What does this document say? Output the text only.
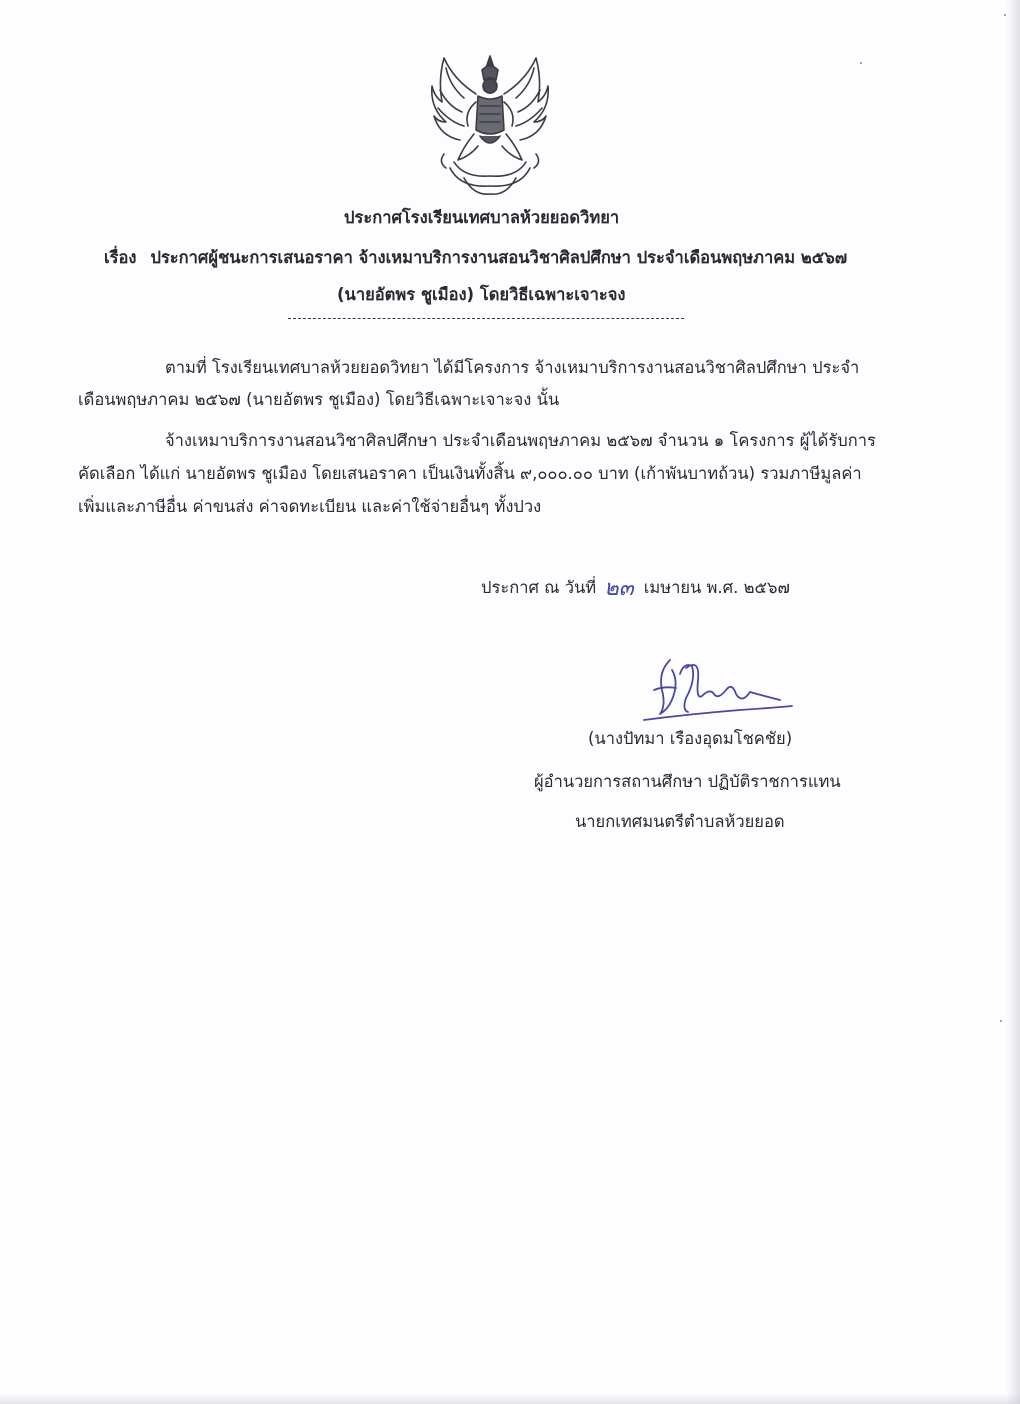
ประกาศโรงเรียนเทศบาลห้วยยอดวิทยา
เรื่อง ประกาศผู้ชนะการเสนอราคา จ้างเหมาบริการงานสอนวิชาศิลปศึกษา ประจำเดือนพฤษภาคม ๒๕๖๗
(นายอัตพร ชูเมือง) โดยวิธีเฉพาะเจาะจง
ตามที่ โรงเรียนเทศบาลห้วยยอดวิทยา ได้มีโครงการ จ้างเหมาบริการงานสอนวิชาศิลปศึกษา ประจำ
เดือนพฤษภาคม ๒๕๖๗ (นายอัตพร ชูเมือง) โดยวิธีเฉพาะเจาะจง นั้น
จ้างเหมาบริการงานสอนวิชาศิลปศึกษา ประจำเดือนพฤษภาคม ๒๕๖๗ จำนวน ๑ โครงการ ผู้ได้รับการ
คัดเลือก ได้แก่ นายอัตพร ชูเมือง โดยเสนอราคา เป็นเงินทั้งสิ้น ๙,๐๐๐.๐๐ บาท (เก้าพันบาทถ้วน) รวมภาษีมูลค่า
เพิ่มและภาษีอื่น ค่าขนส่ง ค่าจดทะเบียน และค่าใช้จ่ายอื่นๆ ทั้งปวง
ประกาศ ณ วันที่ ๒๓ เมษายน พ.ศ. ๒๕๖๗
(นางปัทมา เรืองอุดมโชคชัย)
ผู้อำนวยการสถานศึกษา ปฏิบัติราชการแทน
นายกเทศมนตรีตำบลห้วยยอด
